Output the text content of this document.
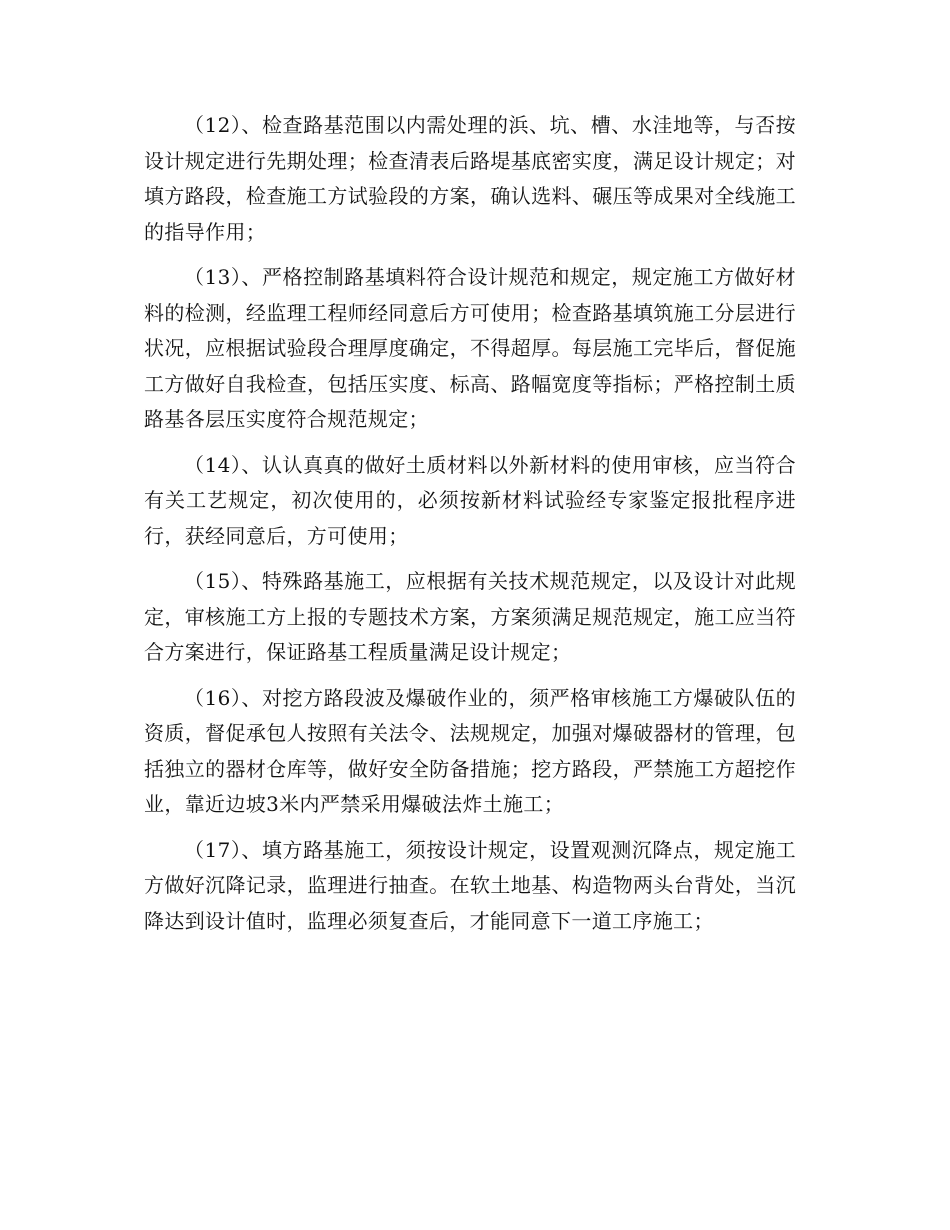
（12）、检查路基范围以内需处理的浜、坑、槽、水洼地等，与否按设计规定进行先期处理；检查清表后路堤基底密实度，满足设计规定；对填方路段，检查施工方试验段的方案，确认选料、碾压等成果对全线施工的指导作用；

（13）、严格控制路基填料符合设计规范和规定，规定施工方做好材料的检测，经监理工程师经同意后方可使用；检查路基填筑施工分层进行状况，应根据试验段合理厚度确定，不得超厚。每层施工完毕后，督促施工方做好自我检查，包括压实度、标高、路幅宽度等指标；严格控制土质路基各层压实度符合规范规定；

（14）、认认真真的做好土质材料以外新材料的使用审核，应当符合有关工艺规定，初次使用的，必须按新材料试验经专家鉴定报批程序进行，获经同意后，方可使用；

（15）、特殊路基施工，应根据有关技术规范规定，以及设计对此规定，审核施工方上报的专题技术方案，方案须满足规范规定，施工应当符合方案进行，保证路基工程质量满足设计规定；

（16）、对挖方路段波及爆破作业的，须严格审核施工方爆破队伍的资质，督促承包人按照有关法令、法规规定，加强对爆破器材的管理，包括独立的器材仓库等，做好安全防备措施；挖方路段，严禁施工方超挖作业，靠近边坡3米内严禁采用爆破法炸土施工；

（17）、填方路基施工，须按设计规定，设置观测沉降点，规定施工方做好沉降记录，监理进行抽查。在软土地基、构造物两头台背处，当沉降达到设计值时，监理必须复查后，才能同意下一道工序施工；
